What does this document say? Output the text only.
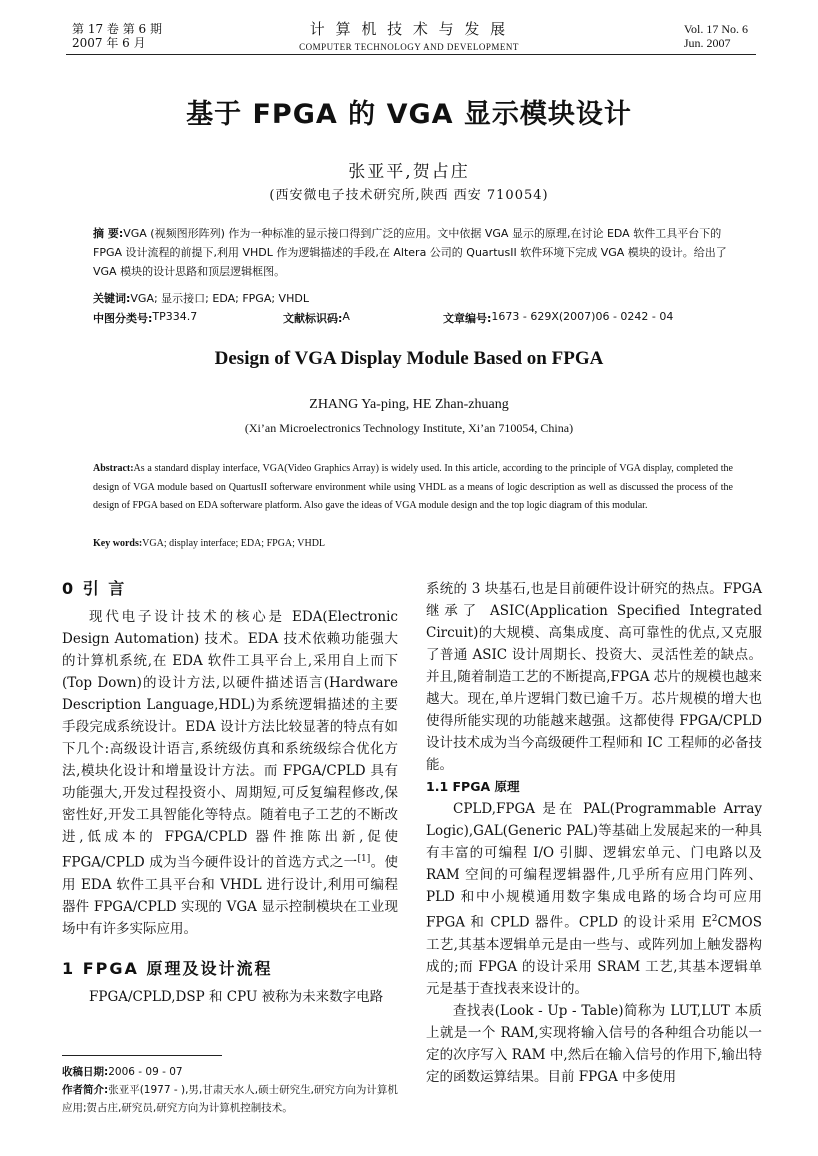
第 17 卷 第 6 期
2007 年 6 月
计 算 机 技 术 与 发 展
COMPUTER TECHNOLOGY AND DEVELOPMENT
Vol. 17 No. 6
Jun. 2007
基于 FPGA 的 VGA 显示模块设计
张亚平,贺占庄
(西安微电子技术研究所,陕西 西安 710054)
摘 要:VGA (视频图形阵列) 作为一种标准的显示接口得到广泛的应用。文中依据 VGA 显示的原理,在讨论 EDA 软件工具平台下的 FPGA 设计流程的前提下,利用 VHDL 作为逻辑描述的手段,在 Altera 公司的 QuartusII 软件环境下完成 VGA 模块的设计。给出了 VGA 模块的设计思路和顶层逻辑框图。
关键词:VGA; 显示接口; EDA; FPGA; VHDL
中图分类号: TP334.7	文献标识码: A	文章编号: 1673 - 629X(2007)06 - 0242 - 04
Design of VGA Display Module Based on FPGA
ZHANG Ya-ping, HE Zhan-zhuang
(Xi’an Microelectronics Technology Institute, Xi’an 710054, China)
Abstract:As a standard display interface, VGA(Video Graphics Array) is widely used. In this article, according to the principle of VGA display, completed the design of VGA module based on QuartusII softerware environment while using VHDL as a means of logic description as well as discussed the process of the design of FPGA based on EDA softerware platform. Also gave the ideas of VGA module design and the top logic diagram of this modular.
Key words:VGA; display interface; EDA; FPGA; VHDL
0 引 言

现代电子设计技术的核心是 EDA(Electronic Design Automation) 技术。EDA 技术依赖功能强大的计算机系统,在 EDA 软件工具平台上,采用自上而下(Top Down)的设计方法,以硬件描述语言(Hardware Description Language,HDL)为系统逻辑描述的主要手段完成系统设计。EDA 设计方法比较显著的特点有如下几个:高级设计语言,系统级仿真和系统级综合优化方法,模块化设计和增量设计方法。而 FPGA/CPLD 具有功能强大,开发过程投资小、周期短,可反复编程修改,保密性好,开发工具智能化等特点。随着电子工艺的不断改进,低成本的 FPGA/CPLD 器件推陈出新,促使 FPGA/CPLD 成为当今硬件设计的首选方式之一[1]。使用 EDA 软件工具平台和 VHDL 进行设计,利用可编程器件 FPGA/CPLD 实现的 VGA 显示控制模块在工业现场中有许多实际应用。

1 FPGA 原理及设计流程

FPGA/CPLD,DSP 和 CPU 被称为未来数字电路

系统的 3 块基石,也是目前硬件设计研究的热点。FPGA 继承了 ASIC(Application Specified Integrated Circuit)的大规模、高集成度、高可靠性的优点,又克服了普通 ASIC 设计周期长、投资大、灵活性差的缺点。并且,随着制造工艺的不断提高,FPGA 芯片的规模也越来越大。现在,单片逻辑门数已逾千万。芯片规模的增大也使得所能实现的功能越来越强。这都使得 FPGA/CPLD 设计技术成为当今高级硬件工程师和 IC 工程师的必备技能。

1.1 FPGA 原理

CPLD,FPGA 是在 PAL(Programmable Array Logic),GAL(Generic PAL)等基础上发展起来的一种具有丰富的可编程 I/O 引脚、逻辑宏单元、门电路以及 RAM 空间的可编程逻辑器件,几乎所有应用门阵列、PLD 和中小规模通用数字集成电路的场合均可应用 FPGA 和 CPLD 器件。CPLD 的设计采用 $E^2CMOS$ 工艺,其基本逻辑单元是由一些与、或阵列加上触发器构成的;而 FPGA 的设计采用 SRAM 工艺,其基本逻辑单元是基于查找表来设计的。

查找表(Look - Up - Table)简称为 LUT,LUT 本质上就是一个 RAM,实现将输入信号的各种组合功能以一定的次序写入 RAM 中,然后在输入信号的作用下,输出特定的函数运算结果。目前 FPGA 中多使用

收稿日期:2006 - 09 - 07
作者简介:张亚平(1977 - ),男,甘肃天水人,硕士研究生,研究方向为计算机应用;贺占庄,研究员,研究方向为计算机控制技术。
